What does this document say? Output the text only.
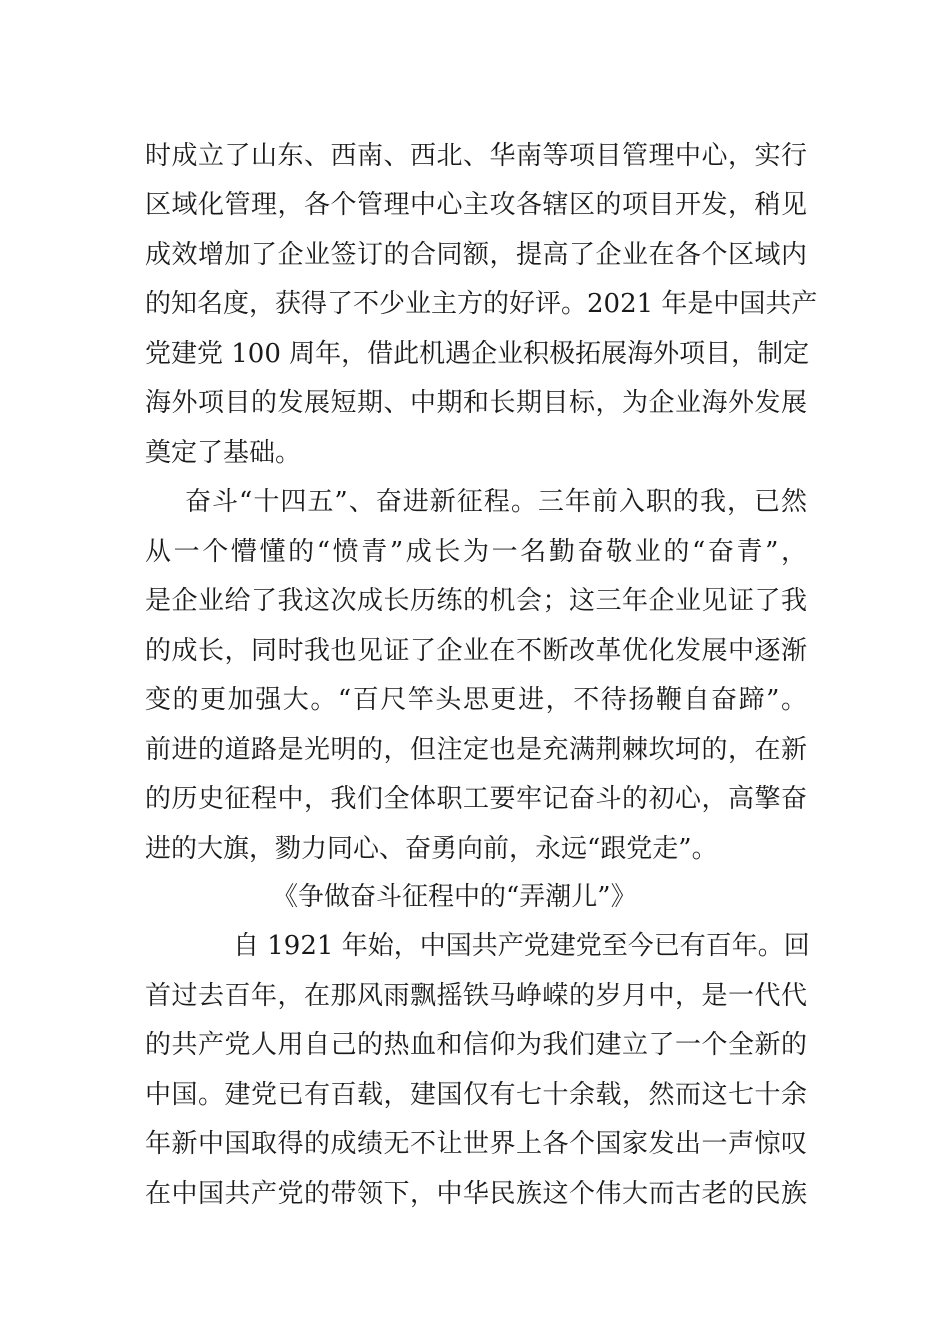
时成立了山东、西南、西北、华南等项目管理中心，实行
区域化管理，各个管理中心主攻各辖区的项目开发，稍见
成效增加了企业签订的合同额，提高了企业在各个区域内
的知名度，获得了不少业主方的好评。2021 年是中国共产
党建党 100 周年，借此机遇企业积极拓展海外项目，制定
海外项目的发展短期、中期和长期目标，为企业海外发展
奠定了基础。
奋斗“十四五”、奋进新征程。三年前入职的我，已然
从一个懵懂的“愤青”成长为一名勤奋敬业的“奋青”，
是企业给了我这次成长历练的机会；这三年企业见证了我
的成长，同时我也见证了企业在不断改革优化发展中逐渐
变的更加强大。“百尺竿头思更进，不待扬鞭自奋蹄”。
前进的道路是光明的，但注定也是充满荆棘坎坷的，在新
的历史征程中，我们全体职工要牢记奋斗的初心，高擎奋
进的大旗，勠力同心、奋勇向前，永远“跟党走”。
《争做奋斗征程中的“弄潮儿”》
自 1921 年始，中国共产党建党至今已有百年。回
首过去百年，在那风雨飘摇铁马峥嵘的岁月中，是一代代
的共产党人用自己的热血和信仰为我们建立了一个全新的
中国。建党已有百载，建国仅有七十余载，然而这七十余
年新中国取得的成绩无不让世界上各个国家发出一声惊叹
在中国共产党的带领下，中华民族这个伟大而古老的民族
